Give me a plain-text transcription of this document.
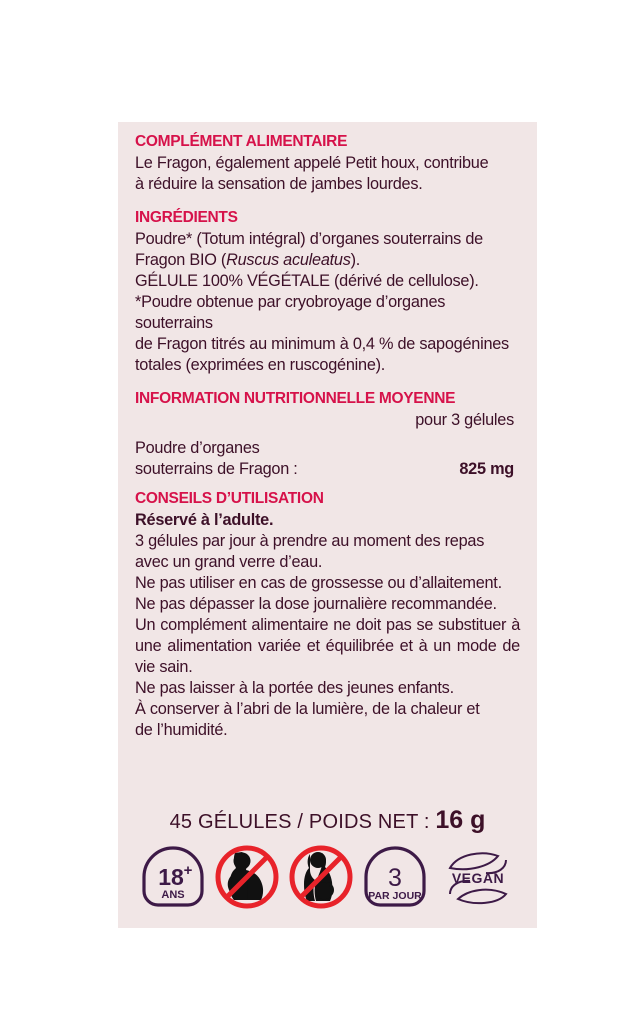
COMPLÉMENT ALIMENTAIRE
Le Fragon, également appelé Petit houx, contribue
à réduire la sensation de jambes lourdes.
INGRÉDIENTS
Poudre* (Totum intégral) d’organes souterrains de
Fragon BIO (Ruscus aculeatus).
GÉLULE 100% VÉGÉTALE (dérivé de cellulose).
*Poudre obtenue par cryobroyage d’organes souterrains
de Fragon titrés au minimum à 0,4 % de sapogénines
totales (exprimées en ruscogénine).
INFORMATION NUTRITIONNELLE MOYENNE
pour 3 gélules
Poudre d’organes
souterrains de Fragon :	825 mg
CONSEILS D’UTILISATION
Réservé à l’adulte.
3 gélules par jour à prendre au moment des repas
avec un grand verre d’eau.
Ne pas utiliser en cas de grossesse ou d’allaitement.
Ne pas dépasser la dose journalière recommandée.
Un complément alimentaire ne doit pas se substituer à une alimentation variée et équilibrée et à un mode de vie sain.
Ne pas laisser à la portée des jeunes enfants.
À conserver à l’abri de la lumière, de la chaleur et
de l’humidité.
45 GÉLULES / POIDS NET : 16 g
18 +
ANS
3
PAR JOUR
VEGAN
